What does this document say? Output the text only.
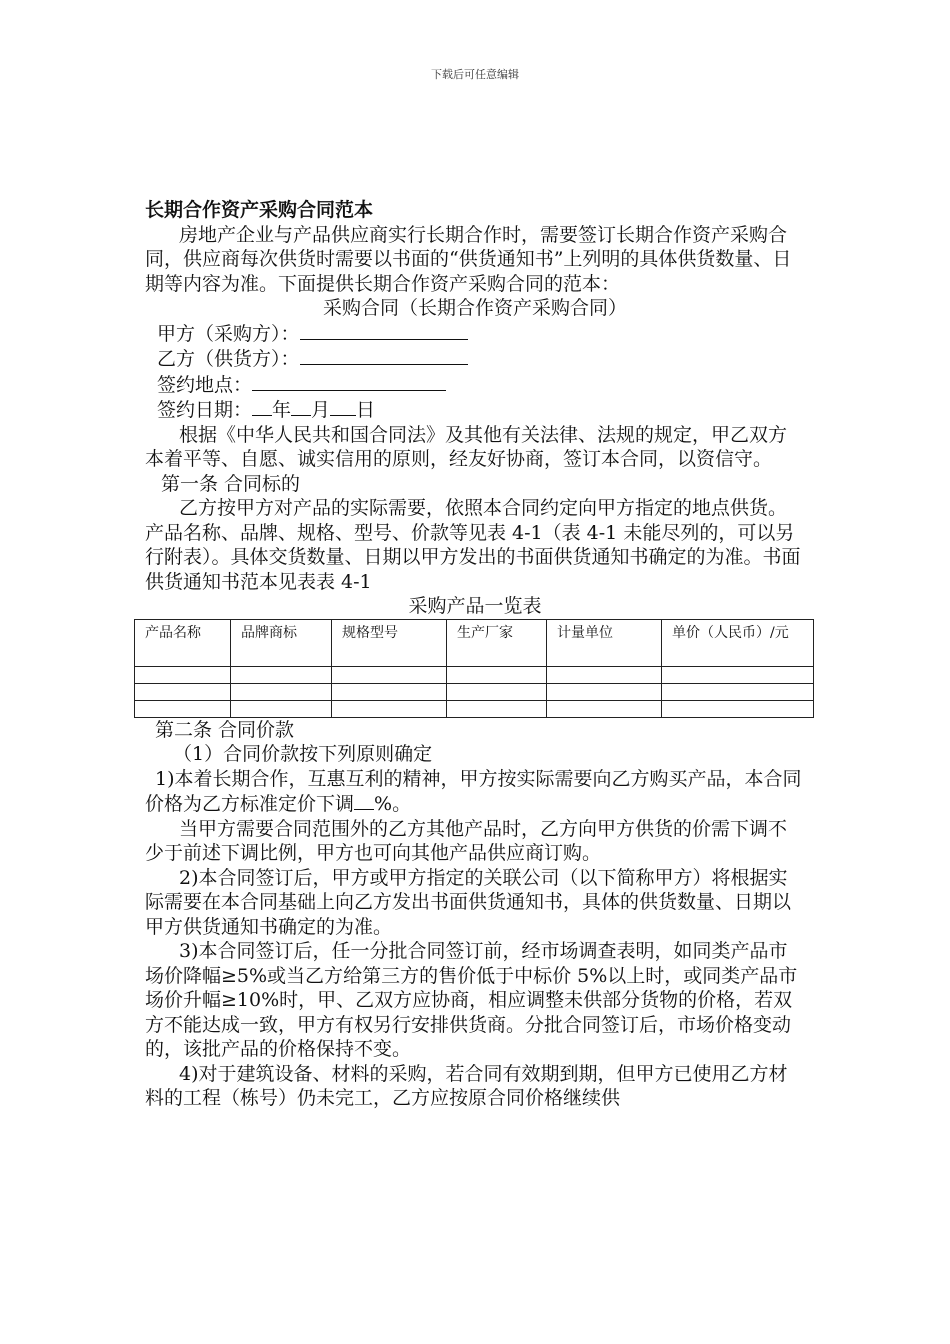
下载后可任意编辑

长期合作资产采购合同范本

房地产企业与产品供应商实行长期合作时，需要签订长期合作资产采购合同，供应商每次供货时需要以书面的“供货通知书”上列明的具体供货数量、日期等内容为准。下面提供长期合作资产采购合同的范本：

采购合同（长期合作资产采购合同）

甲方（采购方）：

乙方（供货方）：

签约地点：

签约日期： 年 月 日

根据《中华人民共和国合同法》及其他有关法律、法规的规定，甲乙双方本着平等、自愿、诚实信用的原则，经友好协商，签订本合同，以资信守。

第一条 合同标的

乙方按甲方对产品的实际需要，依照本合同约定向甲方指定的地点供货。产品名称、品牌、规格、型号、价款等见表 4-1（表 4-1 未能尽列的，可以另行附表）。具体交货数量、日期以甲方发出的书面供货通知书确定的为准。书面供货通知书范本见表表 4-1

采购产品一览表

产品名称	品牌商标	规格型号	生产厂家	计量单位	单价（人民币）/元

第二条 合同价款

（1）合同价款按下列原则确定

1)本着长期合作，互惠互利的精神，甲方按实际需要向乙方购买产品，本合同价格为乙方标准定价下调 %。

当甲方需要合同范围外的乙方其他产品时，乙方向甲方供货的价需下调不少于前述下调比例，甲方也可向其他产品供应商订购。

2)本合同签订后，甲方或甲方指定的关联公司（以下简称甲方）将根据实际需要在本合同基础上向乙方发出书面供货通知书，具体的供货数量、日期以甲方供货通知书确定的为准。

3)本合同签订后，任一分批合同签订前，经市场调查表明，如同类产品市场价降幅≥5%或当乙方给第三方的售价低于中标价 5%以上时，或同类产品市场价升幅≥10%时，甲、乙双方应协商，相应调整未供部分货物的价格，若双方不能达成一致，甲方有权另行安排供货商。分批合同签订后，市场价格变动的，该批产品的价格保持不变。

4)对于建筑设备、材料的采购，若合同有效期到期，但甲方已使用乙方材料的工程（栋号）仍未完工，乙方应按原合同价格继续供
